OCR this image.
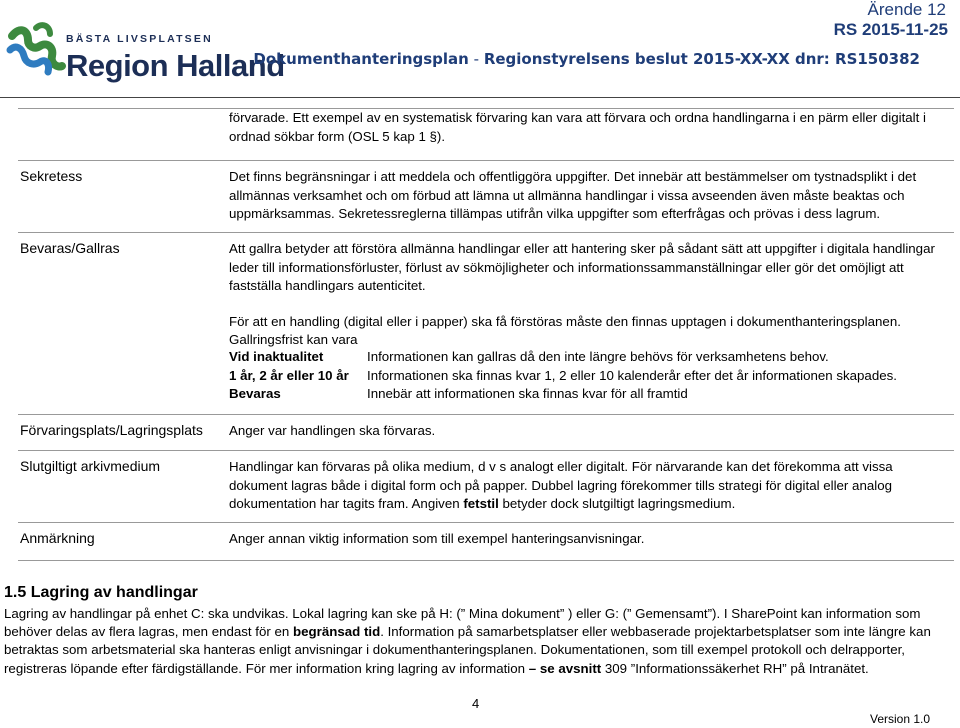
BÄSTA LIVSPLATSEN
Region Halland
Ärende 12
RS 2015-11-25
Dokumenthanteringsplan - Regionstyrelsens beslut 2015-XX-XX dnr: RS150382
förvarade. Ett exempel av en systematisk förvaring kan vara att förvara och ordna handlingarna i en pärm eller digitalt i ordnad sökbar form (OSL 5 kap 1 §).
Sekretess	Det finns begränsningar i att meddela och offentliggöra uppgifter. Det innebär att bestämmelser om tystnadsplikt i det allmännas verksamhet och om förbud att lämna ut allmänna handlingar i vissa avseenden även måste beaktas och uppmärksammas. Sekretessreglerna tillämpas utifrån vilka uppgifter som efterfrågas och prövas i dess lagrum.
Bevaras/Gallras	Att gallra betyder att förstöra allmänna handlingar eller att hantering sker på sådant sätt att uppgifter i digitala handlingar leder till informationsförluster, förlust av sökmöjligheter och informationssammanställningar eller gör det omöjligt att fastställa handlingars autenticitet.
För att en handling (digital eller i papper) ska få förstöras måste den finnas upptagen i dokumenthanteringsplanen.
Gallringsfrist kan vara
Vid inaktualitet	Informationen kan gallras då den inte längre behövs för verksamhetens behov.
1 år, 2 år eller 10 år Informationen ska finnas kvar 1, 2 eller 10 kalenderår efter det år informationen skapades.
Bevaras	Innebär att informationen ska finnas kvar för all framtid
Förvaringsplats/Lagringsplats Anger var handlingen ska förvaras.
Slutgiltigt arkivmedium	Handlingar kan förvaras på olika medium, d v s analogt eller digitalt. För närvarande kan det förekomma att vissa dokument lagras både i digital form och på papper. Dubbel lagring förekommer tills strategi för digital eller analog dokumentation har tagits fram. Angiven fetstil betyder dock slutgiltigt lagringsmedium.
Anmärkning	Anger annan viktig information som till exempel hanteringsanvisningar.
1.5 Lagring av handlingar
Lagring av handlingar på enhet C: ska undvikas. Lokal lagring kan ske på H: (” Mina dokument” ) eller G: (” Gemensamt”). I SharePoint kan information som behöver delas av flera lagras, men endast för en begränsad tid. Information på samarbetsplatser eller webbaserade projektarbetsplatser som inte längre kan betraktas som arbetsmaterial ska hanteras enligt anvisningar i dokumenthanteringsplanen. Dokumentationen, som till exempel protokoll och delrapporter, registreras löpande efter färdigställande. För mer information kring lagring av information – se avsnitt 309 ”Informationssäkerhet RH” på Intranätet.
4
Version 1.0
